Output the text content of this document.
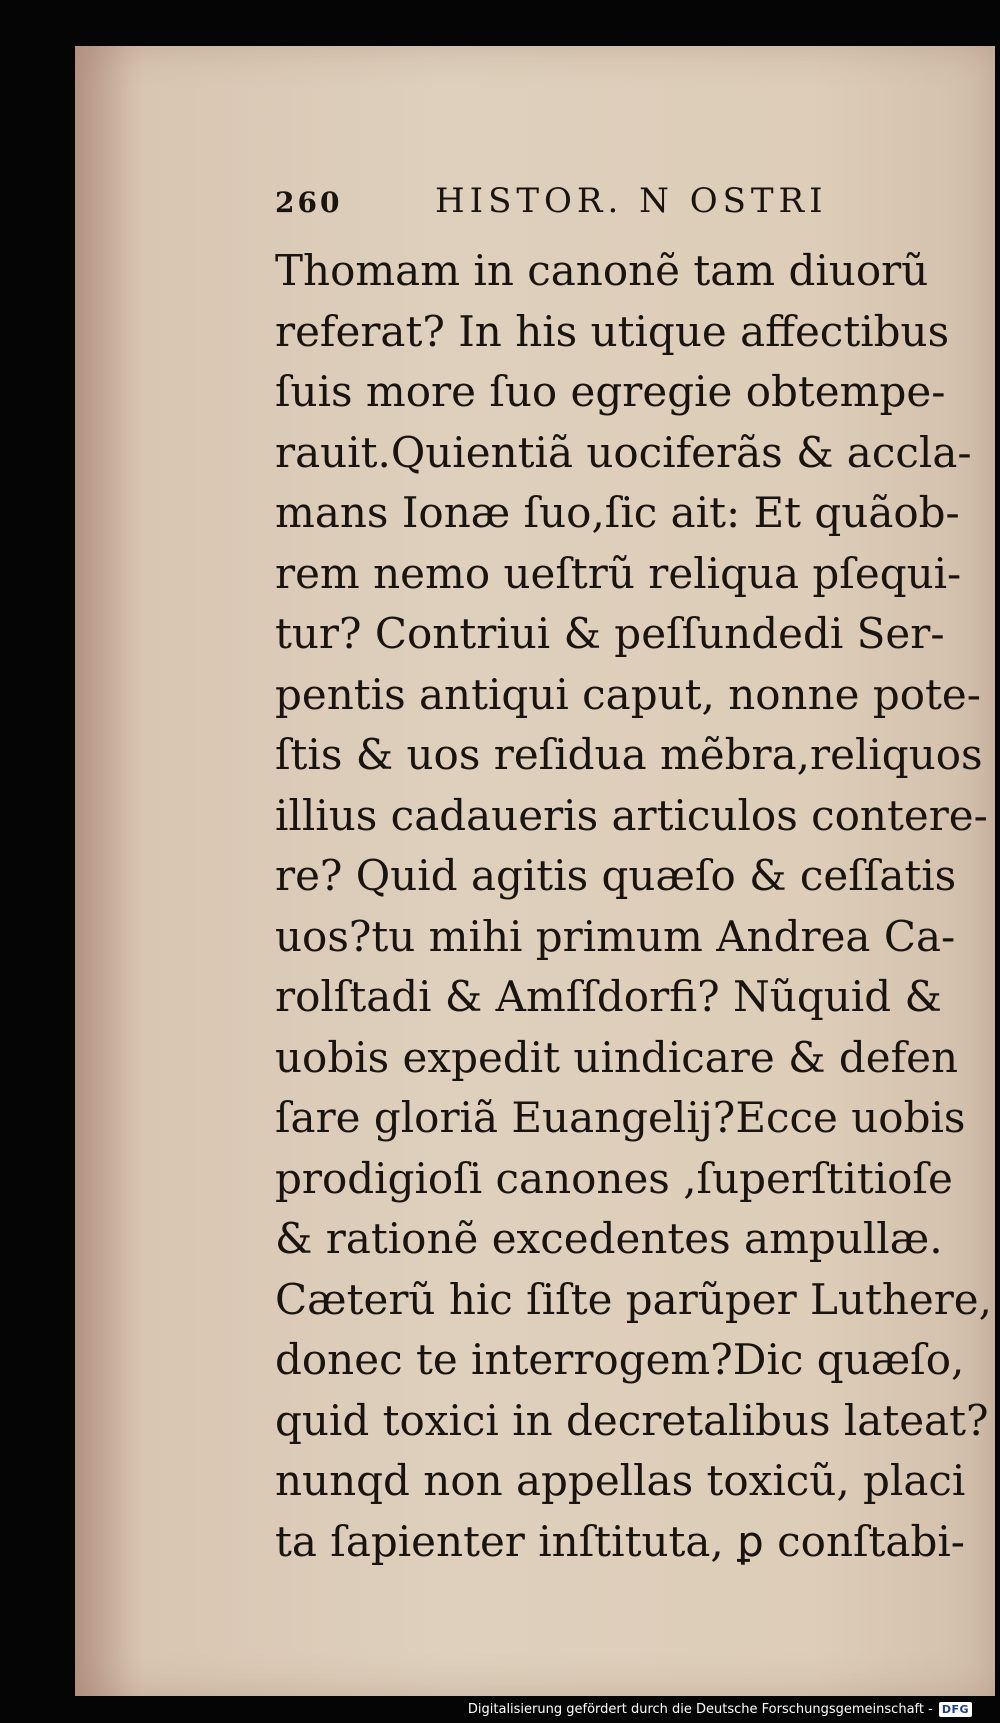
260	HISTOR. N OSTRI
Thomam in canonẽ tam diuorũ
referat? In his utique affectibus
ſuis more ſuo egregie obtempe-
rauit.Quientiã uociferãs & accla-
mans Ionæ ſuo,ſic ait: Et quãob-
rem nemo ueſtrũ reliqua pſequi-
tur? Contriui & peſſundedi Ser-
pentis antiqui caput, nonne pote-
ſtis & uos reſidua mẽbra,reliquos
illius cadaueris articulos contere-
re? Quid agitis quæſo & ceſſatis
uos?tu mihi primum Andrea Ca-
rolſtadi & Amſſdorfi? Nũquid &
uobis expedit uindicare & defen
ſare gloriã Euangelij?Ecce uobis
prodigioſi canones ,ſuperſtitioſe
& rationẽ excedentes ampullæ.
Cæterũ hic ſiſte parũper Luthere,
donec te interrogem?Dic quæſo,
quid toxici in decretalibus lateat?
nunqd non appellas toxicũ, placi
ta ſapienter inſtituta, ꝑ conſtabi-
Digitalisierung gefördert durch die Deutsche Forschungsgemeinschaft - DFG
